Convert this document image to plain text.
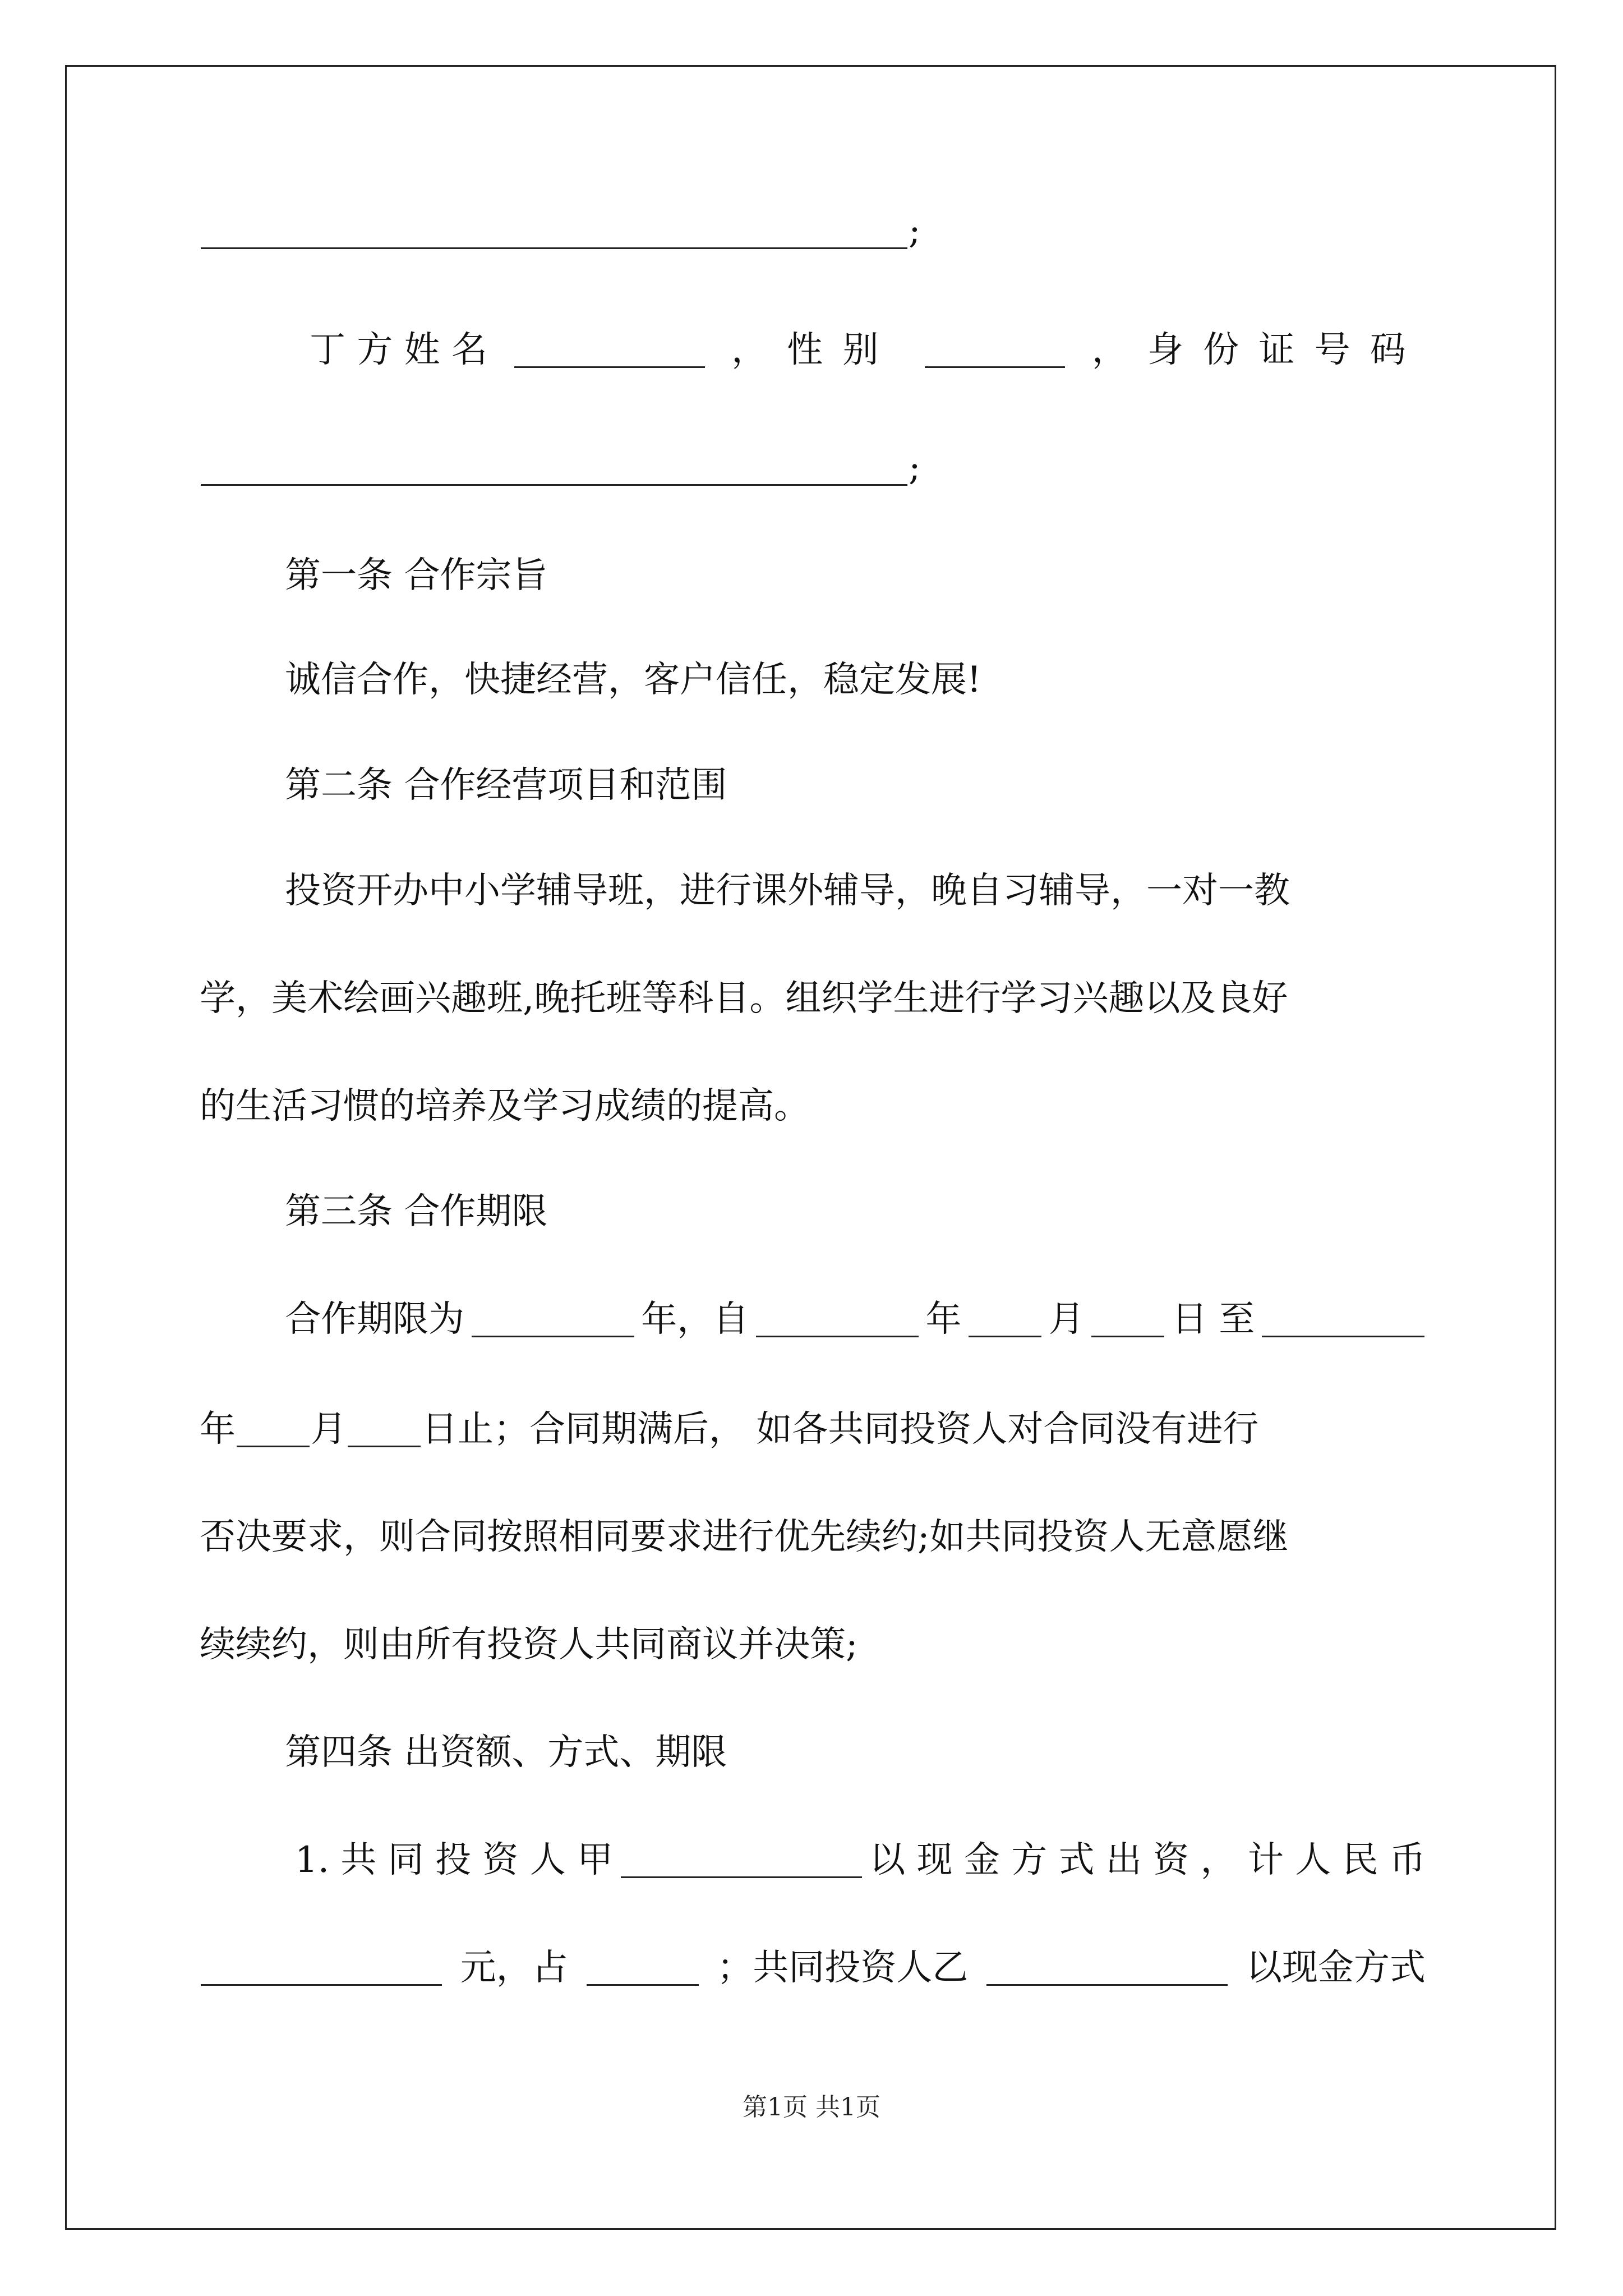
;
丁 方 姓 名	，性别	，身份证号码
;
第一条 合作宗旨
诚信合作，快捷经营，客户信任，稳定发展!
第二条 合作经营项目和范围
投资开办中小学辅导班，进行课外辅导，晚自习辅导，一对一教
学，美术绘画兴趣班,晚托班等科目。组织学生进行学习兴趣以及良好
的生活习惯的培养及学习成绩的提高。
第三条 合作期限
合作期限为	年，自	年 月 日 至
年 月 日止；合同期满后， 如各共同投资人对合同没有进行
否决要求，则合同按照相同要求进行优先续约;如共同投资人无意愿继
续续约，则由所有投资人共同商议并决策;
第四条 出资额、方式、期限
1. 共 同 投 资 人 甲	以 现 金 方 式 出 资 ， 计 人 民 币
元，占	；共同投资人乙	以现金方式
第1页 共1页
